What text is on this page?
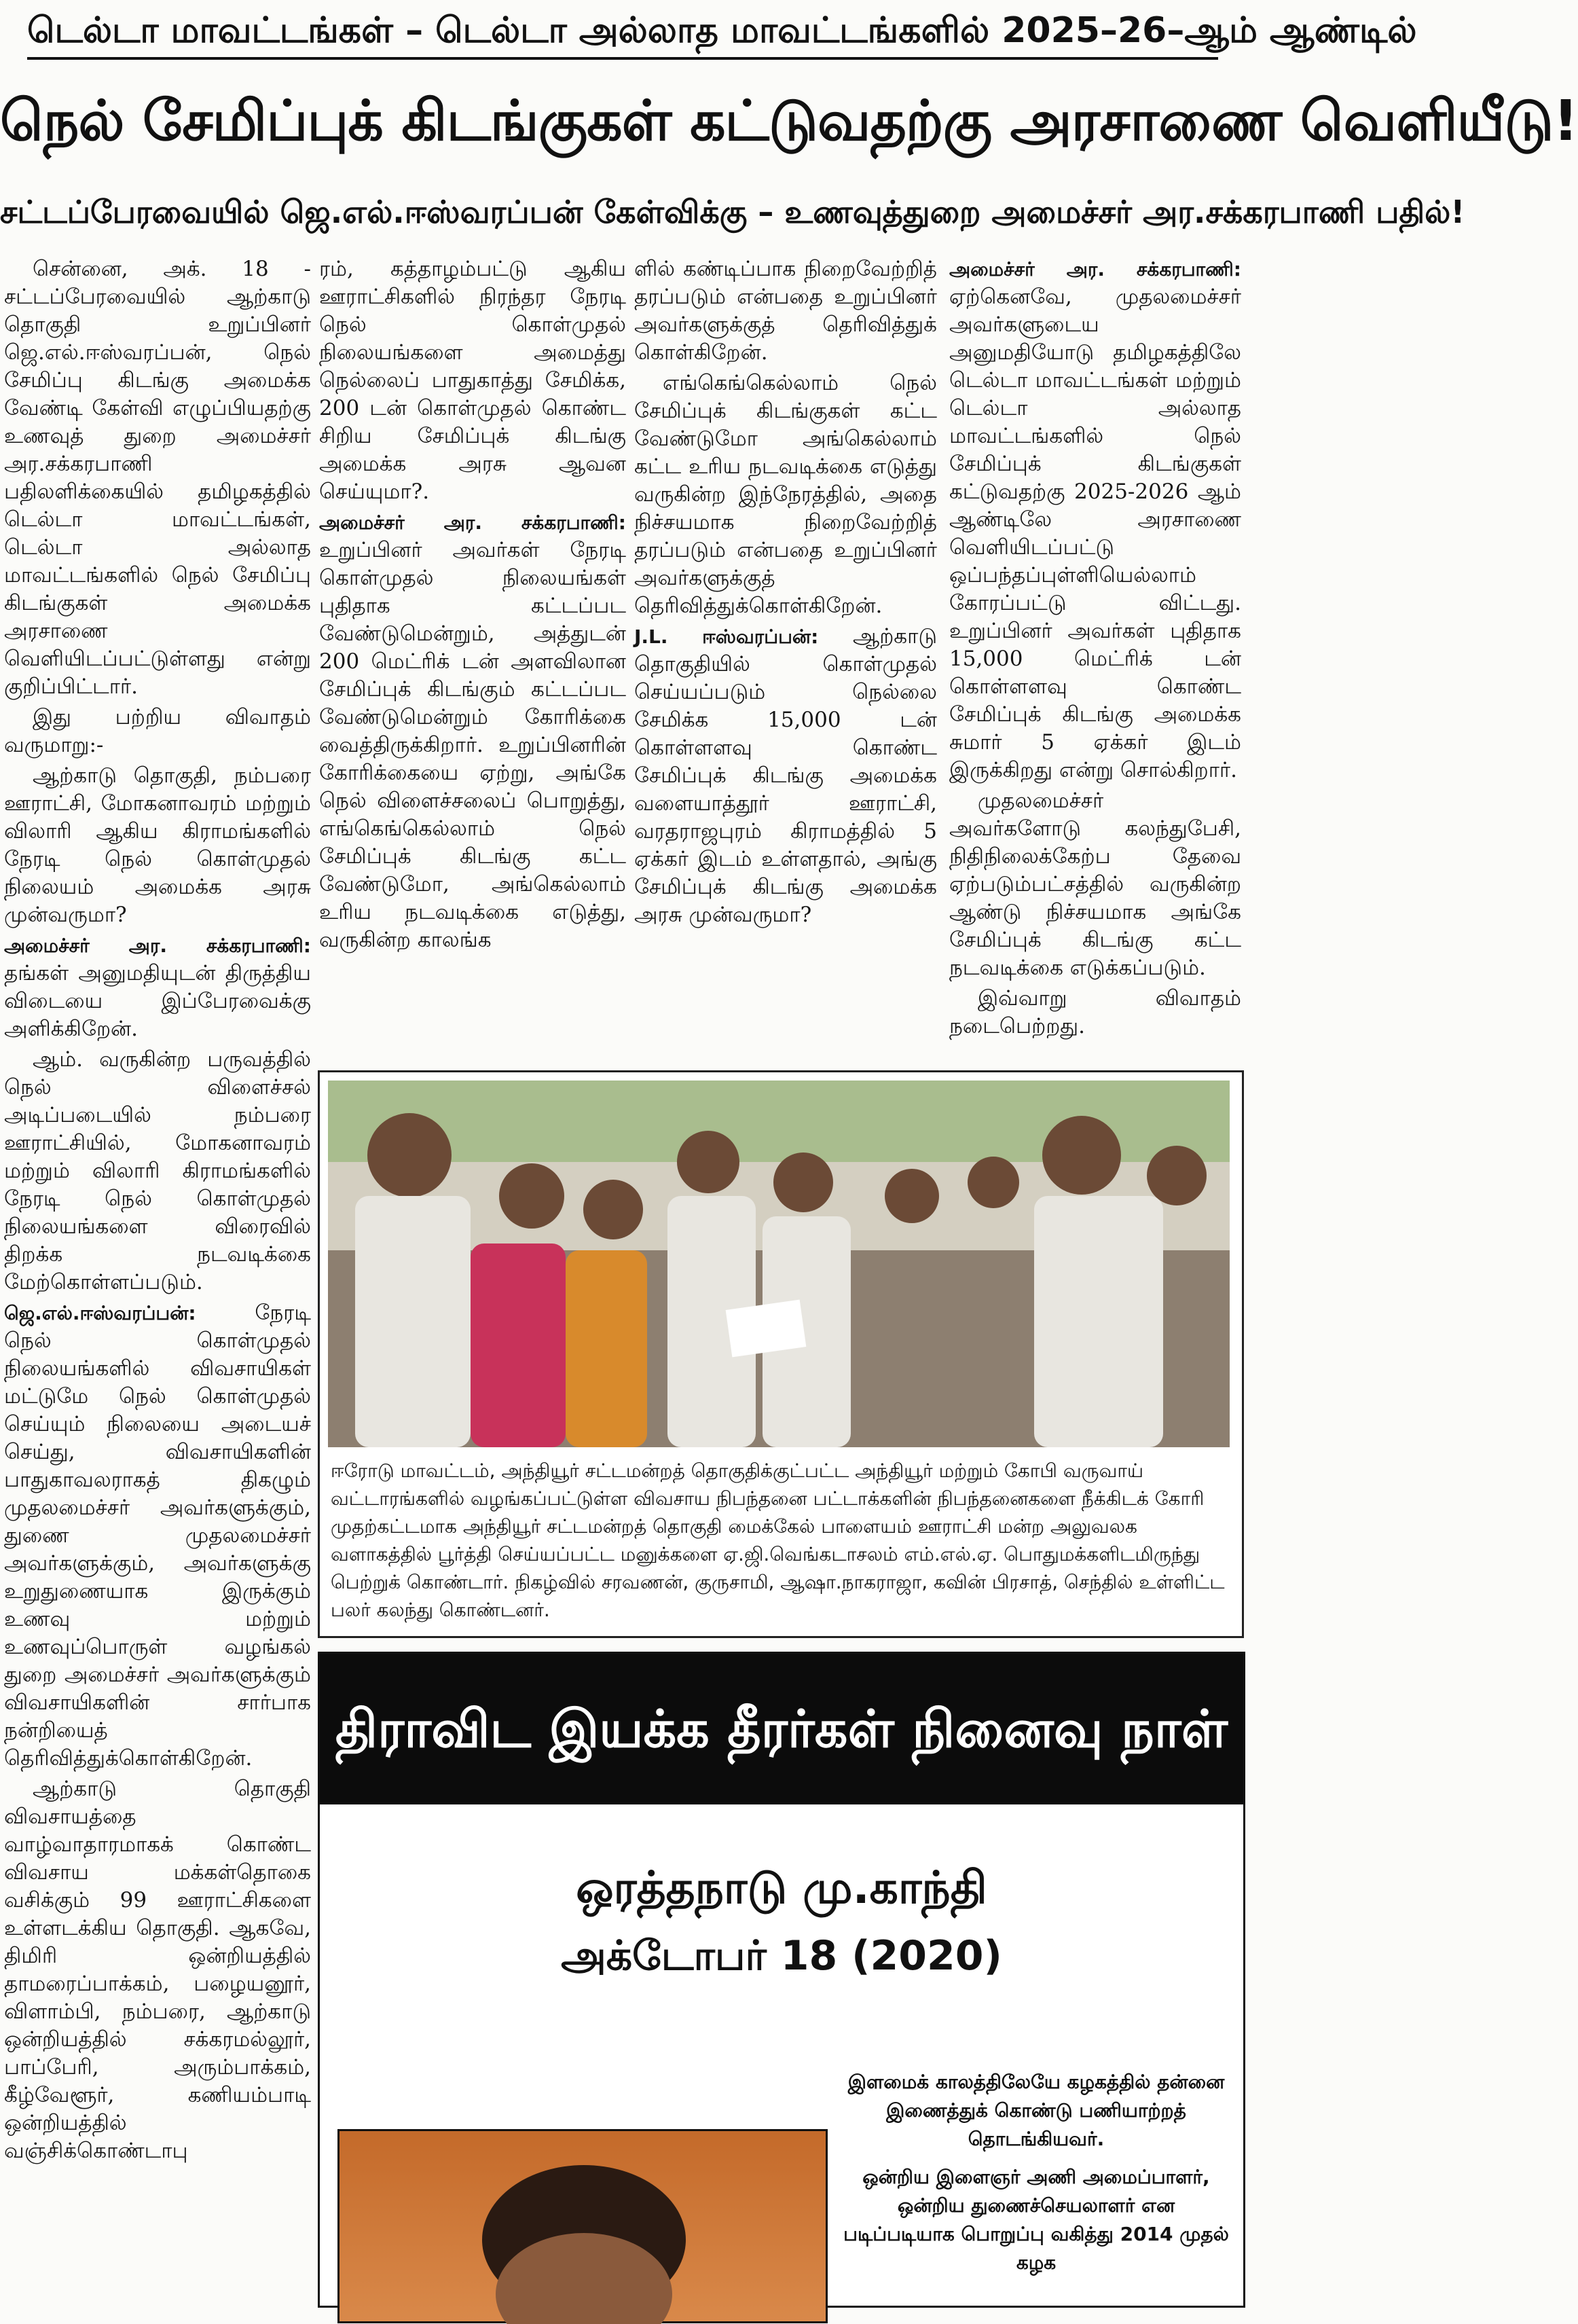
டெல்டா மாவட்டங்கள் – டெல்டா அல்லாத மாவட்டங்களில் 2025–26–ஆம் ஆண்டில்
நெல் சேமிப்புக் கிடங்குகள் கட்டுவதற்கு அரசாணை வெளியீடு!
சட்டப்பேரவையில் ஜெ.எல்.ஈஸ்வரப்பன் கேள்விக்கு – உணவுத்துறை அமைச்சர் அர.சக்கரபாணி பதில்!

சென்னை, அக். 18 - சட்டப்பேரவையில் ஆற்காடு தொகுதி உறுப்பினர் ஜெ.எல்.ஈஸ்வரப்பன், நெல் சேமிப்பு கிடங்கு அமைக்க வேண்டி கேள்வி எழுப்பியதற்கு உணவுத் துறை அமைச்சர் அர.சக்கரபாணி பதிலளிக்கையில் தமிழகத்தில் டெல்டா மாவட்டங்கள், டெல்டா அல்லாத மாவட்டங்களில் நெல் சேமிப்பு கிடங்குகள் அமைக்க அரசாணை வெளியிடப்பட்டுள்ளது என்று குறிப்பிட்டார்.

இது பற்றிய விவாதம் வருமாறு:-

ஆற்காடு தொகுதி, நம்பரை ஊராட்சி, மோகனாவரம் மற்றும் விலாரி ஆகிய கிராமங்களில் நேரடி நெல் கொள்முதல் நிலையம் அமைக்க அரசு முன்வருமா?

அமைச்சர் அர. சக்கரபாணி: தங்கள் அனுமதியுடன் திருத்திய விடையை இப்பேரவைக்கு அளிக்கிறேன்.

ஆம். வருகின்ற பருவத்தில் நெல் விளைச்சல் அடிப்படையில் நம்பரை ஊராட்சியில், மோகனாவரம் மற்றும் விலாரி கிராமங்களில் நேரடி நெல் கொள்முதல் நிலையங்களை விரைவில் திறக்க நடவடிக்கை மேற்கொள்ளப்படும்.

ஜெ.எல்.ஈஸ்வரப்பன்:	நேரடி நெல் கொள்முதல் நிலையங்களில் விவசாயிகள் மட்டுமே நெல் கொள்முதல் செய்யும் நிலையை அடையச் செய்து, விவசாயிகளின் பாதுகாவலராகத் திகழும் முதலமைச்சர் அவர்களுக்கும், துணை முதலமைச்சர் அவர்களுக்கும், அவர்களுக்கு உறுதுணையாக இருக்கும் உணவு மற்றும் உணவுப்பொருள் வழங்கல் துறை அமைச்சர் அவர்களுக்கும் விவசாயிகளின் சார்பாக நன்றியைத் தெரிவித்துக்கொள்கிறேன்.

ஆற்காடு தொகுதி விவசாயத்தை வாழ்வாதாரமாகக் கொண்ட விவசாய மக்கள்தொகை வசிக்கும் 99 ஊராட்சிகளை உள்ளடக்கிய தொகுதி. ஆகவே, திமிரி ஒன்றியத்தில் தாமரைப்பாக்கம், பழையனூர், விளாம்பி, நம்பரை, ஆற்காடு ஒன்றியத்தில் சக்கரமல்லூர், பாப்பேரி, அரும்பாக்கம், கீழ்வேளூர், கணியம்பாடி ஒன்றியத்தில் வஞ்சிக்கொண்டாபு

ரம், கத்தாழம்பட்டு ஆகிய ஊராட்சிகளில் நிரந்தர நேரடி நெல் கொள்முதல் நிலையங்களை அமைத்து நெல்லைப் பாதுகாத்து சேமிக்க, 200 டன் கொள்முதல் கொண்ட சிறிய சேமிப்புக் கிடங்கு அமைக்க அரசு ஆவன செய்யுமா?.

அமைச்சர் அர. சக்கரபாணி: உறுப்பினர் அவர்கள் நேரடி கொள்முதல் நிலையங்கள் புதிதாக கட்டப்பட வேண்டுமென்றும், அத்துடன் 200 மெட்ரிக் டன் அளவிலான சேமிப்புக் கிடங்கும் கட்டப்பட வேண்டுமென்றும் கோரிக்கை வைத்திருக்கிறார். உறுப்பினரின் கோரிக்கையை ஏற்று, அங்கே நெல் விளைச்சலைப் பொறுத்து, எங்கெங்கெல்லாம் நெல் சேமிப்புக் கிடங்கு கட்ட வேண்டுமோ, அங்கெல்லாம் உரிய நடவடிக்கை எடுத்து, வருகின்ற காலங்க

ளில் கண்டிப்பாக நிறைவேற்றித் தரப்படும் என்பதை உறுப்பினர் அவர்களுக்குத் தெரிவித்துக் கொள்கிறேன்.

எங்கெங்கெல்லாம் நெல் சேமிப்புக் கிடங்குகள் கட்ட வேண்டுமோ அங்கெல்லாம் கட்ட உரிய நடவடிக்கை எடுத்து வருகின்ற இந்நேரத்தில், அதை நிச்சயமாக நிறைவேற்றித் தரப்படும் என்பதை உறுப்பினர் அவர்களுக்குத் தெரிவித்துக்கொள்கிறேன்.

J.L. ஈஸ்வரப்பன்: ஆற்காடு தொகுதியில் கொள்முதல் செய்யப்படும் நெல்லை சேமிக்க 15,000 டன் கொள்ளளவு கொண்ட சேமிப்புக் கிடங்கு அமைக்க வளையாத்தூர் ஊராட்சி, வரதராஜபுரம் கிராமத்தில் 5 ஏக்கர் இடம் உள்ளதால், அங்கு சேமிப்புக் கிடங்கு அமைக்க அரசு முன்வருமா?

அமைச்சர் அர. சக்கரபாணி: ஏற்கெனவே, முதலமைச்சர் அவர்களுடைய அனுமதியோடு தமிழகத்திலே டெல்டா மாவட்டங்கள் மற்றும் டெல்டா அல்லாத மாவட்டங்களில் நெல் சேமிப்புக் கிடங்குகள் கட்டுவதற்கு 2025-2026 ஆம் ஆண்டிலே அரசாணை வெளியிடப்பட்டு ஒப்பந்தப்புள்ளியெல்லாம் கோரப்பட்டு விட்டது. உறுப்பினர் அவர்கள் புதிதாக 15,000 மெட்ரிக் டன் கொள்ளளவு கொண்ட சேமிப்புக் கிடங்கு அமைக்க சுமார் 5 ஏக்கர் இடம் இருக்கிறது என்று சொல்கிறார்.

முதலமைச்சர் அவர்களோடு கலந்துபேசி, நிதிநிலைக்கேற்ப தேவை ஏற்படும்பட்சத்தில் வருகின்ற ஆண்டு நிச்சயமாக அங்கே சேமிப்புக் கிடங்கு கட்ட நடவடிக்கை எடுக்கப்படும்.

இவ்வாறு விவாதம் நடைபெற்றது.

ஈரோடு மாவட்டம், அந்தியூர் சட்டமன்றத் தொகுதிக்குட்பட்ட அந்தியூர் மற்றும் கோபி வருவாய் வட்டாரங்களில் வழங்கப்பட்டுள்ள விவசாய நிபந்தனை பட்டாக்களின் நிபந்தனைகளை நீக்கிடக் கோரி முதற்கட்டமாக அந்தியூர் சட்டமன்றத் தொகுதி மைக்கேல் பாளையம் ஊராட்சி மன்ற அலுவலக வளாகத்தில் பூர்த்தி செய்யப்பட்ட மனுக்களை ஏ.ஜி.வெங்கடாசலம் எம்.எல்.ஏ. பொதுமக்களிடமிருந்து பெற்றுக் கொண்டார். நிகழ்வில் சரவணன், குருசாமி, ஆஷா.நாகராஜா, கவின் பிரசாத், செந்தில் உள்ளிட்ட பலர் கலந்து கொண்டனர்.
திராவிட இயக்க தீரர்கள் நினைவு நாள்
ஒரத்தநாடு மு.காந்தி
அக்டோபர் 18 (2020)

இளமைக் காலத்திலேயே கழகத்தில் தன்னை இணைத்துக் கொண்டு பணியாற்றத் தொடங்கியவர்.

ஒன்றிய இளைஞர் அணி அமைப்பாளர், ஒன்றிய துணைச்செயலாளர் என படிப்படியாக பொறுப்பு வகித்து 2014 முதல் கழக
